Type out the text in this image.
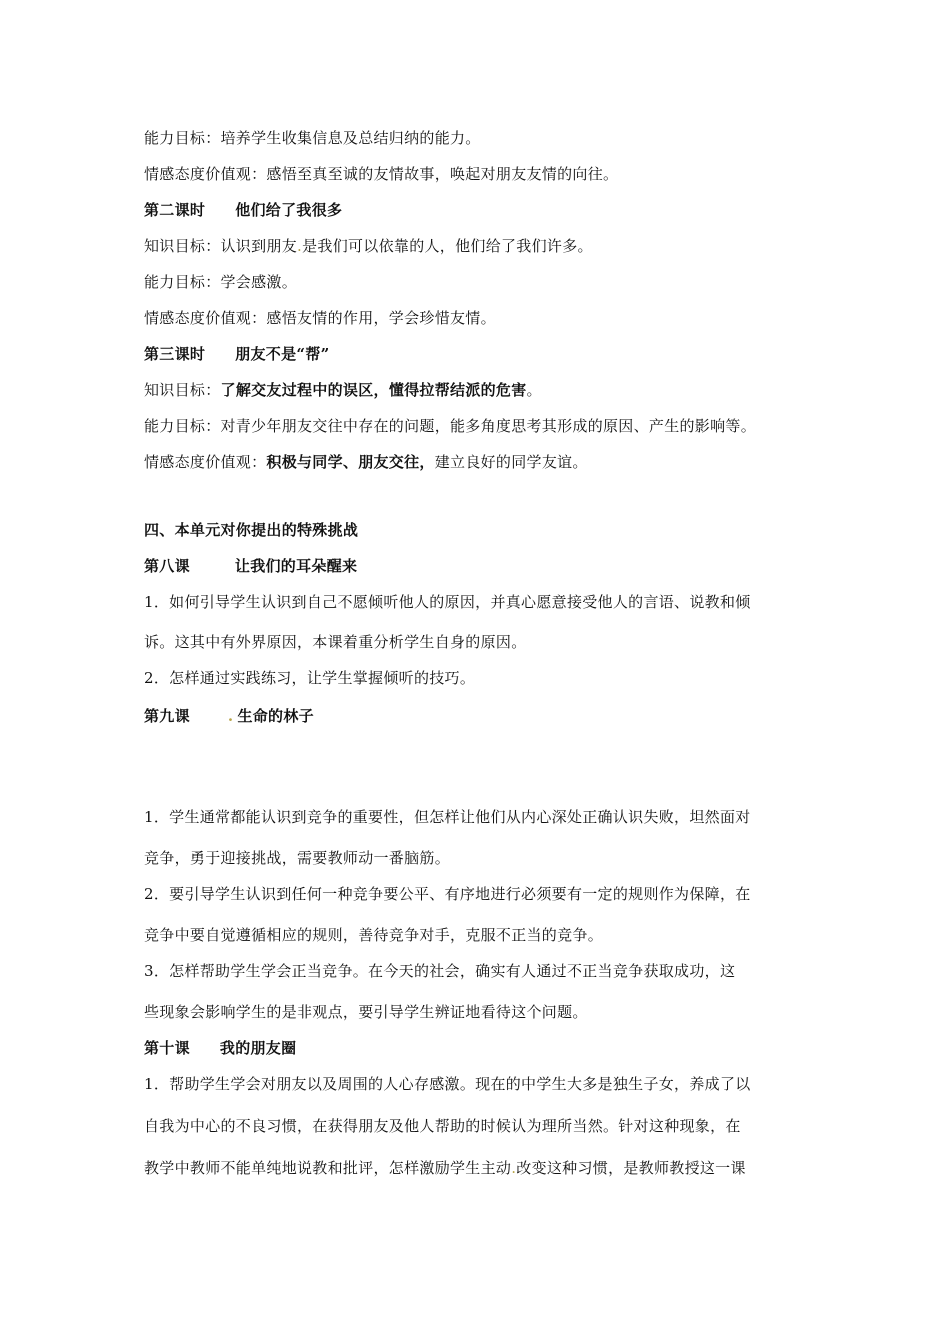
能力目标：培养学生收集信息及总结归纳的能力。
情感态度价值观：感悟至真至诚的友情故事，唤起对朋友友情的向往。
第二课时 他们给了我很多
知识目标：认识到朋友.是我们可以依靠的人，他们给了我们许多。
能力目标：学会感激。
情感态度价值观：感悟友情的作用，学会珍惜友情。
第三课时 朋友不是“帮”
知识目标：了解交友过程中的误区，懂得拉帮结派的危害。
能力目标：对青少年朋友交往中存在的问题，能多角度思考其形成的原因、产生的影响等。
情感态度价值观：积极与同学、朋友交往，建立良好的同学友谊。
四、本单元对你提出的特殊挑战
第八课	让我们的耳朵醒来
1．如何引导学生认识到自己不愿倾听他人的原因，并真心愿意接受他人的言语、说教和倾
诉。这其中有外界原因，本课着重分析学生自身的原因。
2．怎样通过实践练习，让学生掌握倾听的技巧。
第九课	. 生命的林子
1．学生通常都能认识到竞争的重要性，但怎样让他们从内心深处正确认识失败，坦然面对
竞争，勇于迎接挑战，需要教师动一番脑筋。
2．要引导学生认识到任何一种竞争要公平、有序地进行必须要有一定的规则作为保障，在
竞争中要自觉遵循相应的规则，善待竞争对手，克服不正当的竞争。
3．怎样帮助学生学会正当竞争。在今天的社会，确实有人通过不正当竞争获取成功，这
些现象会影响学生的是非观点，要引导学生辨证地看待这个问题。
第十课 我的朋友圈
1．帮助学生学会对朋友以及周围的人心存感激。现在的中学生大多是独生子女，养成了以
自我为中心的不良习惯，在获得朋友及他人帮助的时候认为理所当然。针对这种现象，在
教学中教师不能单纯地说教和批评，怎样激励学生主动.改变这种习惯，是教师教授这一课
